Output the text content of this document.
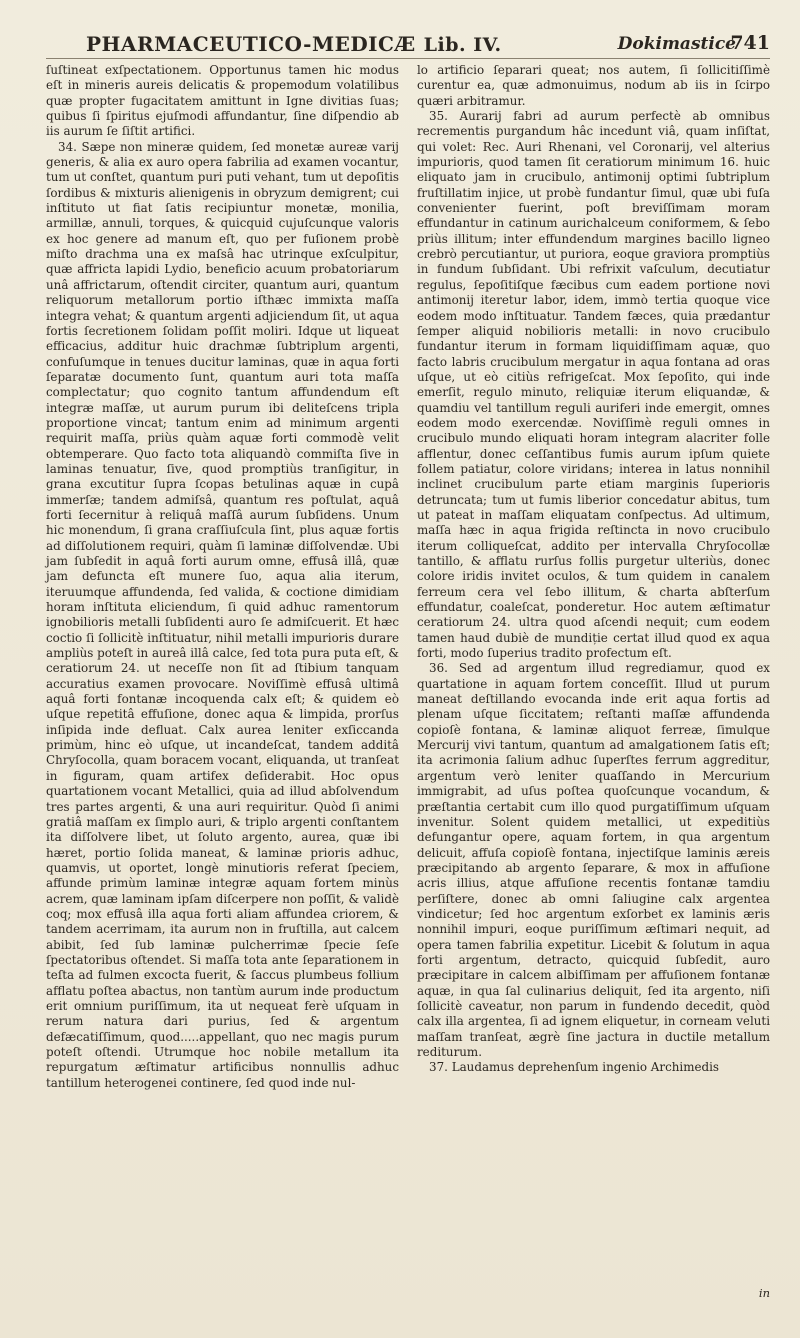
PHARMACEUTICO-MEDICÆ Lib. IV.	Dokimastice
741

ſuſtineat exſpectationem. Opportunus tamen hic modus eſt in mineris aureis delicatis & propemodum volatilibus quæ propter fugacitatem amittunt in Igne divitias ſuas; quibus ſi ſpiritus ejuſmodi affundantur, ſine diſpendio ab iis aurum ſe ſiſtit artifici.

34. Sæpe non mineræ quidem, ſed monetæ aureæ varij generis, & alia ex auro opera fabrilia ad examen vocantur, tum ut conſtet, quantum puri puti vehant, tum ut depoſitis ſordibus & mixturis alienigenis in obryzum demigrent; cui inſtituto ut fiat ſatis recipiuntur monetæ, monilia, armillæ, annuli, torques, & quicquid cujuſcunque valoris ex hoc genere ad manum eſt, quo per fuſionem probè miſto drachma una ex maſsâ hac utrinque exſculpitur, quæ affricta lapidi Lydio, beneficio acuum probatoriarum unâ affrictarum, oſtendit circiter, quantum auri, quantum reliquorum metallorum portio iſthæc immixta maſſa integra vehat; & quantum argenti adjiciendum ſit, ut aqua fortis ſecretionem ſolidam poſſit moliri. Idque ut liqueat efficacius, additur huic drachmæ ſubtriplum argenti, confuſumque in tenues ducitur laminas, quæ in aqua forti ſeparatæ documento ſunt, quantum auri tota maſſa complectatur; quo cognito tantum affundendum eſt integræ maſſæ, ut aurum purum ibi deliteſcens tripla proportione vincat; tantum enim ad minimum argenti requirit maſſa, priùs quàm aquæ forti commodè velit obtemperare. Quo facto tota aliquandò commiſta ſive in laminas tenuatur, ſive, quod promptiùs tranſigitur, in grana excutitur ſupra ſcopas betulinas aquæ in cupâ immerſæ; tandem admiſsâ, quantum res poſtulat, aquâ forti ſecernitur à reliquâ maſſâ aurum ſubſidens. Unum hic monendum, ſi grana craſſiuſcula ſint, plus aquæ fortis ad diſſolutionem requiri, quàm ſi laminæ diſſolvendæ. Ubi jam ſubſedit in aquâ forti aurum omne, effusâ illâ, quæ jam defuncta eſt munere ſuo, aqua alia iterum, iteruumque affundenda, ſed valida, & coctione dimidiam horam inſtituta eliciendum, ſi quid adhuc ramentorum ignobilioris metalli ſubſidenti auro ſe admiſcuerit. Et hæc coctio ſi ſollicitè inſtituatur, nihil metalli impurioris durare ampliùs poteſt in aureâ illâ calce, ſed tota pura puta eſt, & ceratiorum 24. ut neceſſe non ſit ad ſtibium tanquam accuratius examen provocare. Noviſſimè effusâ ultimâ aquâ forti fontanæ incoquenda calx eſt; & quidem eò uſque repetitâ effuſione, donec aqua & limpida, prorſus inſipida inde defluat. Calx aurea leniter exſiccanda primùm, hinc eò uſque, ut incandeſcat, tandem additâ Chryſocolla, quam boracem vocant, eliquanda, ut tranſeat in figuram, quam artifex deſiderabit. Hoc opus quartationem vocant Metallici, quia ad illud abſolvendum tres partes argenti, & una auri requiritur. Quòd ſi animi gratiâ maſſam ex ſimplo auri, & triplo argenti conſtantem ita diſſolvere libet, ut ſoluto argento, aurea, quæ ibi hæret, portio ſolida maneat, & laminæ prioris adhuc, quamvis, ut oportet, longè minutioris referat ſpeciem, affunde primùm laminæ integræ aquam fortem minùs acrem, quæ laminam ipſam diſcerpere non poſſit, & validè coq; mox effusâ illa aqua forti aliam affundea criorem, & tandem acerrimam, ita aurum non in fruſtilla, aut calcem abibit, ſed ſub laminæ pulcherrimæ ſpecie ſeſe ſpectatoribus oſtendet. Si maſſa tota ante ſeparationem in teſta ad fulmen excocta fuerit, & ſaccus plumbeus follium afflatu poſtea abactus, non tantùm aurum inde productum erit omnium puriſſimum, ita ut nequeat ferè uſquam in rerum natura dari purius, ſed & argentum defæcatiſſimum, quod.....appellant, quo nec magis purum poteſt oſtendi. Utrumque hoc nobile metallum ita repurgatum æſtimatur artificibus nonnullis adhuc tantillum heterogenei continere, ſed quod inde nul-

lo artificio ſeparari queat; nos autem, ſi ſollicitiſſimè curentur ea, quæ admonuimus, nodum ab iis in ſcirpo quæri arbitramur.

35. Aurarij fabri ad aurum perfectè ab omnibus recrementis purgandum hâc incedunt viâ, quam inſiſtat, qui volet: Rec. Auri Rhenani, vel Coronarij, vel alterius impurioris, quod tamen ſit ceratiorum minimum 16. huic eliquato jam in crucibulo, antimonij optimi ſubtriplum fruſtillatim injice, ut probè fundantur ſimul, quæ ubi fuſa convenienter fuerint, poſt breviſſimam moram effundantur in catinum aurichalceum coniformem, & ſebo priùs illitum; inter effundendum margines bacillo ligneo crebrò percutiantur, ut puriora, eoque graviora promptiùs in fundum ſubſidant. Ubi refrixit vaſculum, decutiatur regulus, ſepoſitiſque fæcibus cum eadem portione novi antimonij iteretur labor, idem, immò tertia quoque vice eodem modo inſtituatur. Tandem fæces, quia prædantur ſemper aliquid nobilioris metalli: in novo crucibulo fundantur iterum in formam liquidiſſimam aquæ, quo facto labris crucibulum mergatur in aqua fontana ad oras uſque, ut eò citiùs refrigeſcat. Mox ſepoſito, qui inde emerſit, regulo minuto, reliquiæ iterum eliquandæ, & quamdiu vel tantillum reguli auriferi inde emergit, omnes eodem modo exercendæ. Noviſſimè reguli omnes in crucibulo mundo eliquati horam integram alacriter folle afflentur, donec ceſſantibus fumis aurum ipſum quiete follem patiatur, colore viridans; interea in latus nonnihil inclinet crucibulum parte etiam marginis ſuperioris detruncata; tum ut fumis liberior concedatur abitus, tum ut pateat in maſſam eliquatam conſpectus. Ad ultimum, maſſa hæc in aqua frigida reſtincta in novo crucibulo iterum colliqueſcat, addito per intervalla Chryſocollæ tantillo, & afflatu rurſus follis purgetur ulteriùs, donec colore iridis invitet oculos, & tum quidem in canalem ferreum cera vel ſebo illitum, & charta abſterſum effundatur, coaleſcat, ponderetur. Hoc autem æſtimatur ceratiorum 24. ultra quod aſcendi nequit; cum eodem tamen haud dubiè de mundiție certat illud quod ex aqua forti, modo ſuperius tradito profectum eſt.

36. Sed ad argentum illud regrediamur, quod ex quartatione in aquam fortem conceſſit. Illud ut purum maneat deſtillando evocanda inde erit aqua fortis ad plenam uſque ſiccitatem; reſtanti maſſæ affundenda copioſè fontana, & laminæ aliquot ferreæ, ſimulque Mercurij vivi tantum, quantum ad amalgationem ſatis eſt; ita acrimonia ſalium adhuc ſuperſtes ferrum aggreditur, argentum verò leniter quaſſando in Mercurium immigrabit, ad uſus poſtea quoſcunque vocandum, & præſtantia certabit cum illo quod purgatiſſimum uſquam invenitur. Solent quidem metallici, ut expeditiùs defungantur opere, aquam fortem, in qua argentum delicuit, affuſa copioſè fontana, injectiſque laminis æreis præcipitando ab argento ſeparare, & mox in affuſione acris illius, atque affuſione recentis fontanæ tamdiu perſiſtere, donec ab omni ſaliugine calx argentea vindicetur; ſed hoc argentum exſorbet ex laminis æris nonnihil impuri, eoque puriſſimum æſtimari nequit, ad opera tamen fabrilia expetitur. Licebit & ſolutum in aqua forti argentum, detracto, quicquid ſubſedit, auro præcipitare in calcem albiſſimam per affuſionem fontanæ aquæ, in qua ſal culinarius deliquit, ſed ita argento, niſi ſollicitè caveatur, non parum in fundendo decedit, quòd calx illa argentea, ſi ad ignem eliquetur, in corneam veluti maſſam tranſeat, ægrè ſine jactura in ductile metallum rediturum.

37. Laudamus deprehenſum ingenio Archimedis

in
